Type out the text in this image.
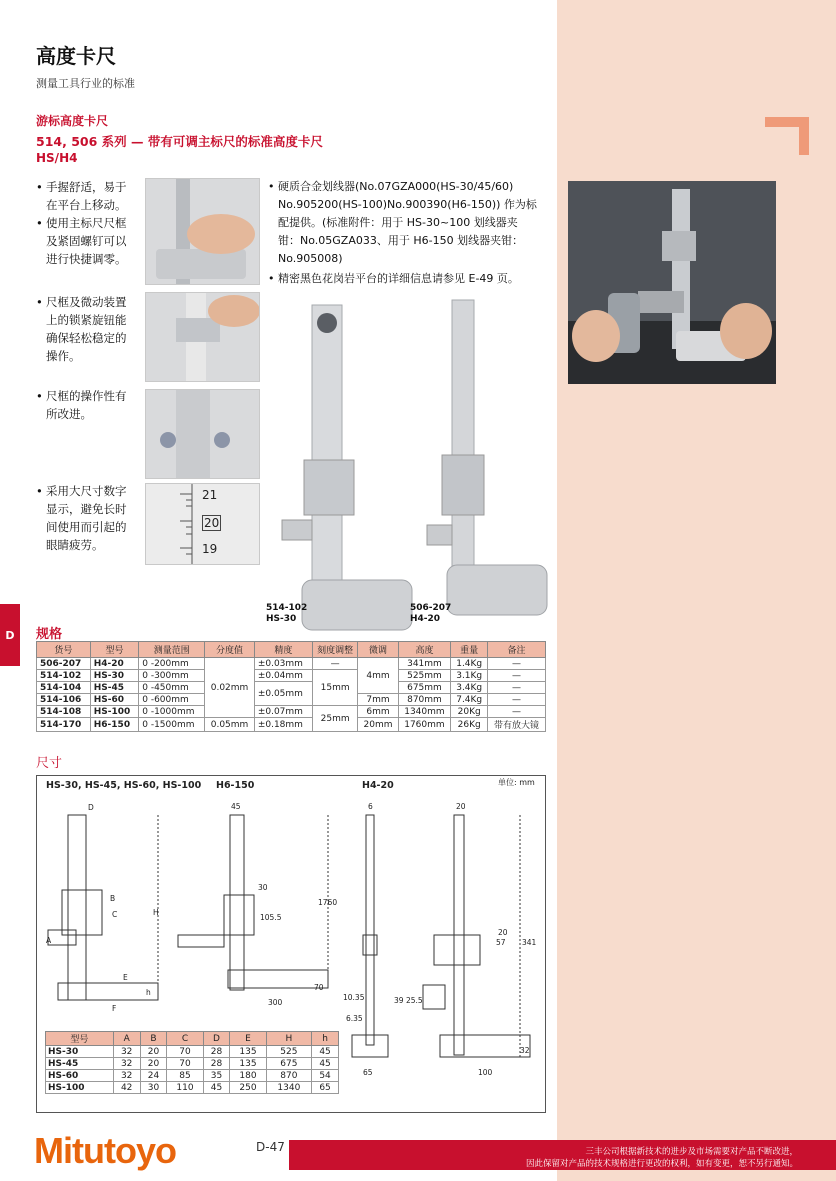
高度卡尺
测量工具行业的标准
游标高度卡尺
514, 506 系列 — 带有可调主标尺的标准高度卡尺
HS/H4
• 手握舒适，易于
在平台上移动。
• 使用主标尺尺框
及紧固螺钉可以
进行快捷调零。
• 尺框及微动装置
上的锁紧旋钮能
确保轻松稳定的
操作。
• 尺框的操作性有
所改进。
• 采用大尺寸数字
显示，避免长时
间使用而引起的
眼睛疲劳。
21
20
19
• 硬质合金划线器(No.07GZA000(HS-30/45/60)
No.905200(HS-100)No.900390(H6-150)) 作为标
配提供。(标准附件：用于 HS-30~100 划线器夹
钳：No.05GZA033、用于 H6-150 划线器夹钳：
No.905008)
• 精密黑色花岗岩平台的详细信息请参见 E-49 页。
514-102
HS-30
506-207
H4-20
D	规格
货号	型号	测量范围	分度值	精度	刻度调整	微调	高度	重量	备注
506-207	H4-20	0 -200mm	0.02mm	±0.03mm	—	4mm	341mm	1.4Kg	—
514-102	HS-30	0 -300mm		±0.04mm	15mm		525mm	3.1Kg	—
514-104	HS-45	0 -450mm		±0.05mm			675mm	3.4Kg	—
514-106	HS-60	0 -600mm				7mm	870mm	7.4Kg	—
514-108	HS-100	0 -1000mm		±0.07mm	25mm	6mm	1340mm	20Kg	—
514-170	H6-150	0 -1500mm	0.05mm	±0.18mm		20mm	1760mm	26Kg	带有放大镜
尺寸
HS-30, HS-45, HS-60, HS-100 H6-150	H4-20	单位: mm
D
H
A
B
C
E
F
h
45
30
105.5
1760
70
300
6	20
57 341
10.35	39 25.5
6.35
65	100
32
20
型号	A	B	C	D	E	H	h
HS-30	32	20	70	28	135	525	45
HS-45	32	20	70	28	135	675	45
HS-60	32	24	85	35	180	870	54
HS-100	42	30	110	45	250	1340	65
Mitutoyo	D-47	三丰公司根据新技术的进步及市场需要对产品不断改进，
因此保留对产品的技术规格进行更改的权利，如有变更，恕不另行通知。
